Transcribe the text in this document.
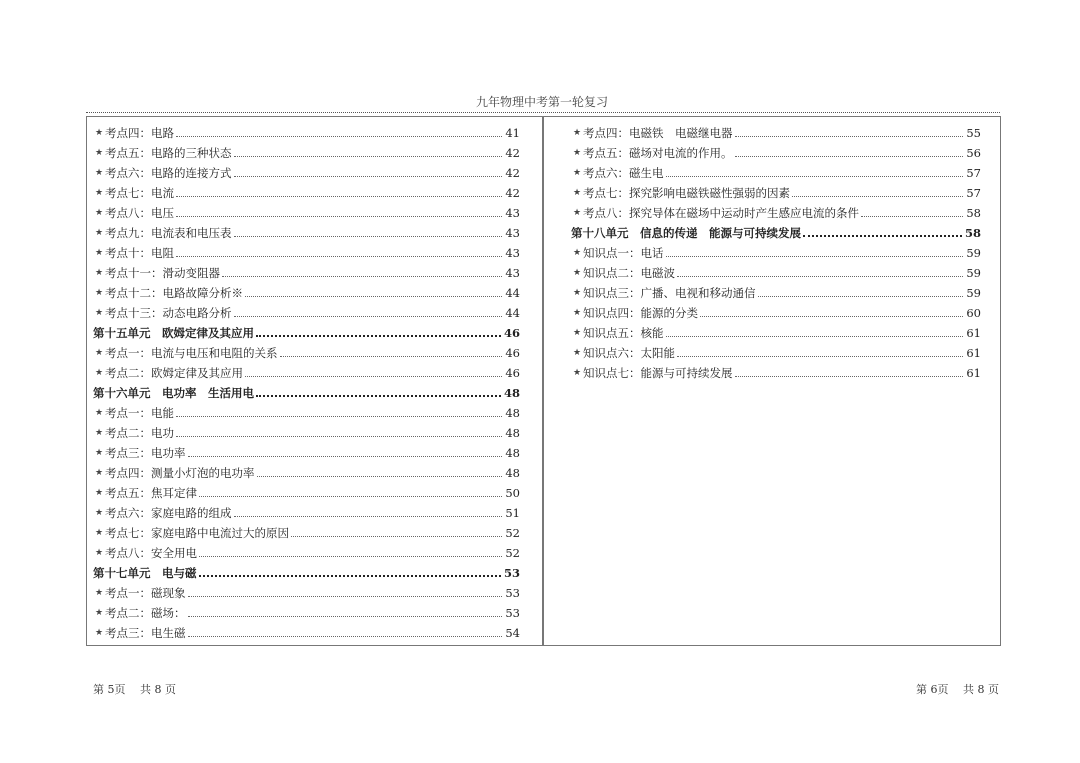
九年物理中考第一轮复习
★ 考点四：电路	41
★ 考点五：电路的三种状态	42
★ 考点六：电路的连接方式	42
★ 考点七：电流	42
★ 考点八：电压	43
★ 考点九：电流表和电压表	43
★ 考点十：电阻	43
★ 考点十一：滑动变阻器	43
★ 考点十二：电路故障分析※	44
★ 考点十三：动态电路分析	44
第十五单元　欧姆定律及其应用	46
★ 考点一：电流与电压和电阻的关系	46
★ 考点二：欧姆定律及其应用	46
第十六单元　电功率　生活用电	48
★ 考点一：电能	48
★ 考点二：电功	48
★ 考点三：电功率	48
★ 考点四：测量小灯泡的电功率	48
★ 考点五：焦耳定律	50
★ 考点六：家庭电路的组成	51
★ 考点七：家庭电路中电流过大的原因	52
★ 考点八：安全用电	52
第十七单元　电与磁	53
★ 考点一：磁现象	53
★ 考点二：磁场：	53
★ 考点三：电生磁	54
★ 考点四：电磁铁　电磁继电器	55
★ 考点五：磁场对电流的作用。	56
★ 考点六：磁生电	57
★ 考点七：探究影响电磁铁磁性强弱的因素	57
★ 考点八：探究导体在磁场中运动时产生感应电流的条件	58
第十八单元　信息的传递　能源与可持续发展	58
★ 知识点一：电话	59
★ 知识点二：电磁波	59
★ 知识点三：广播、电视和移动通信	59
★ 知识点四：能源的分类	60
★ 知识点五：核能	61
★ 知识点六：太阳能	61
★ 知识点七：能源与可持续发展	61
第 5页　 共 8 页	第 6页　 共 8 页
